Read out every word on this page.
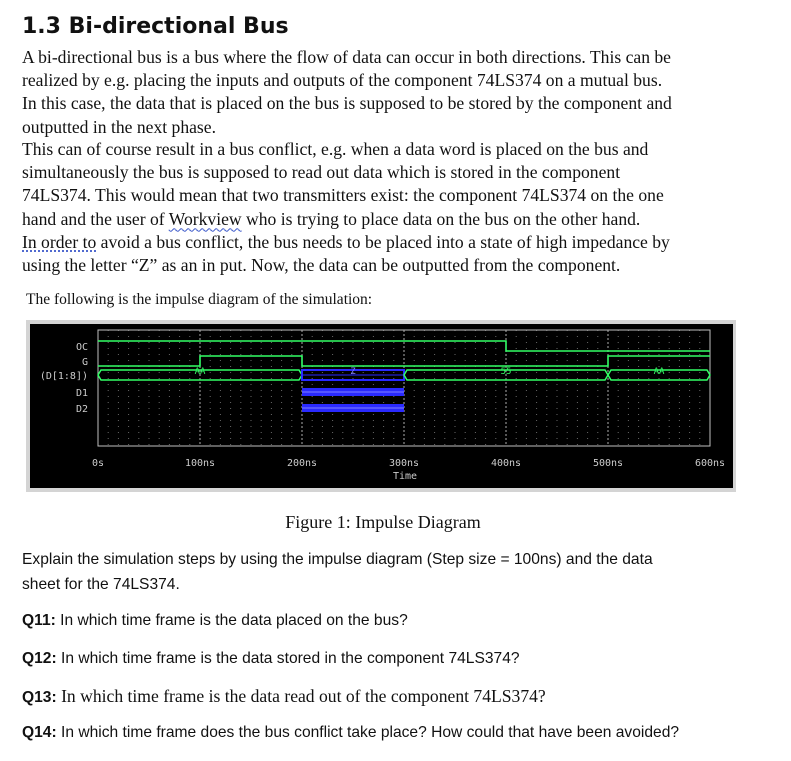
1.3 Bi-directional Bus

A bi-directional bus is a bus where the flow of data can occur in both directions. This can be
realized by e.g. placing the inputs and outputs of the component 74LS374 on a mutual bus.
In this case, the data that is placed on the bus is supposed to be stored by the component and
outputted in the next phase.

This can of course result in a bus conflict, e.g. when a data word is placed on the bus and
simultaneously the bus is supposed to read out data which is stored in the component
74LS374. This would mean that two transmitters exist: the component 74LS374 on the one
hand and the user of Workview who is trying to place data on the bus on the other hand.
In order to avoid a bus conflict, the bus needs to be placed into a state of high impedance by
using the letter “Z” as an in put. Now, the data can be outputted from the component.

The following is the impulse diagram of the simulation:
OC
G
(D[1:8])
D1
D2
AA	Z	55	AA
0s	100ns	200ns	300ns	400ns	500ns	600ns
Time
Figure 1: Impulse Diagram
Explain the simulation steps by using the impulse diagram (Step size = 100ns) and the data
sheet for the 74LS374.
Q11: In which time frame is the data placed on the bus?
Q12: In which time frame is the data stored in the component 74LS374?
Q13: In which time frame is the data read out of the component 74LS374?
Q14: In which time frame does the bus conflict take place? How could that have been avoided?
